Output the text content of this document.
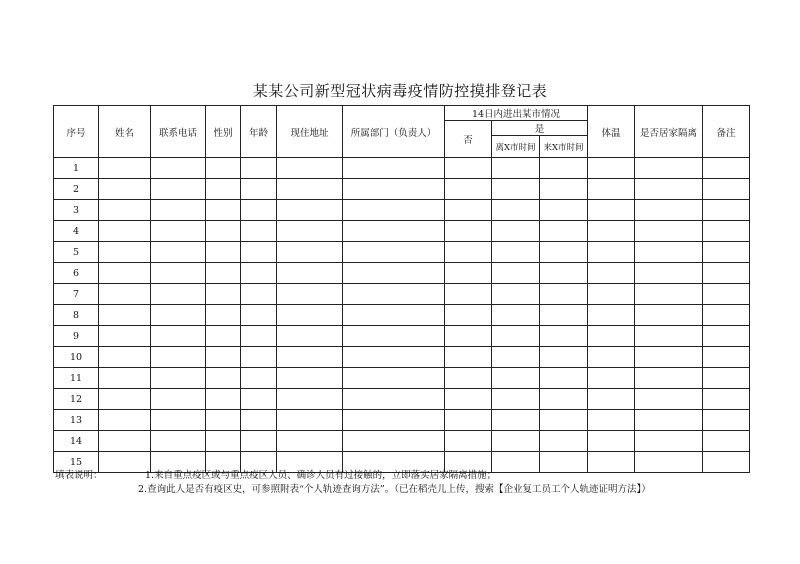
某某公司新型冠状病毒疫情防控摸排登记表
序号	姓名	联系电话	性别	年龄	现住地址	所属部门（负责人）	14日内进出某市情况			体温	是否居家隔离	备注
							否	是				
								离X市时间	来X市时间			
1												
2												
3												
4												
5												
6												
7												
8												
9												
10												
11												
12												
13												
14												
15												

填表说明：

	1.来自重点疫区或与重点疫区人员、确诊人员有过接触的，立即落实居家隔离措施；

2.查询此人是否有疫区史，可参照附表“个人轨迹查询方法”。（已在稻壳儿上传，搜索【企业复工员工个人轨迹证明方法】）
